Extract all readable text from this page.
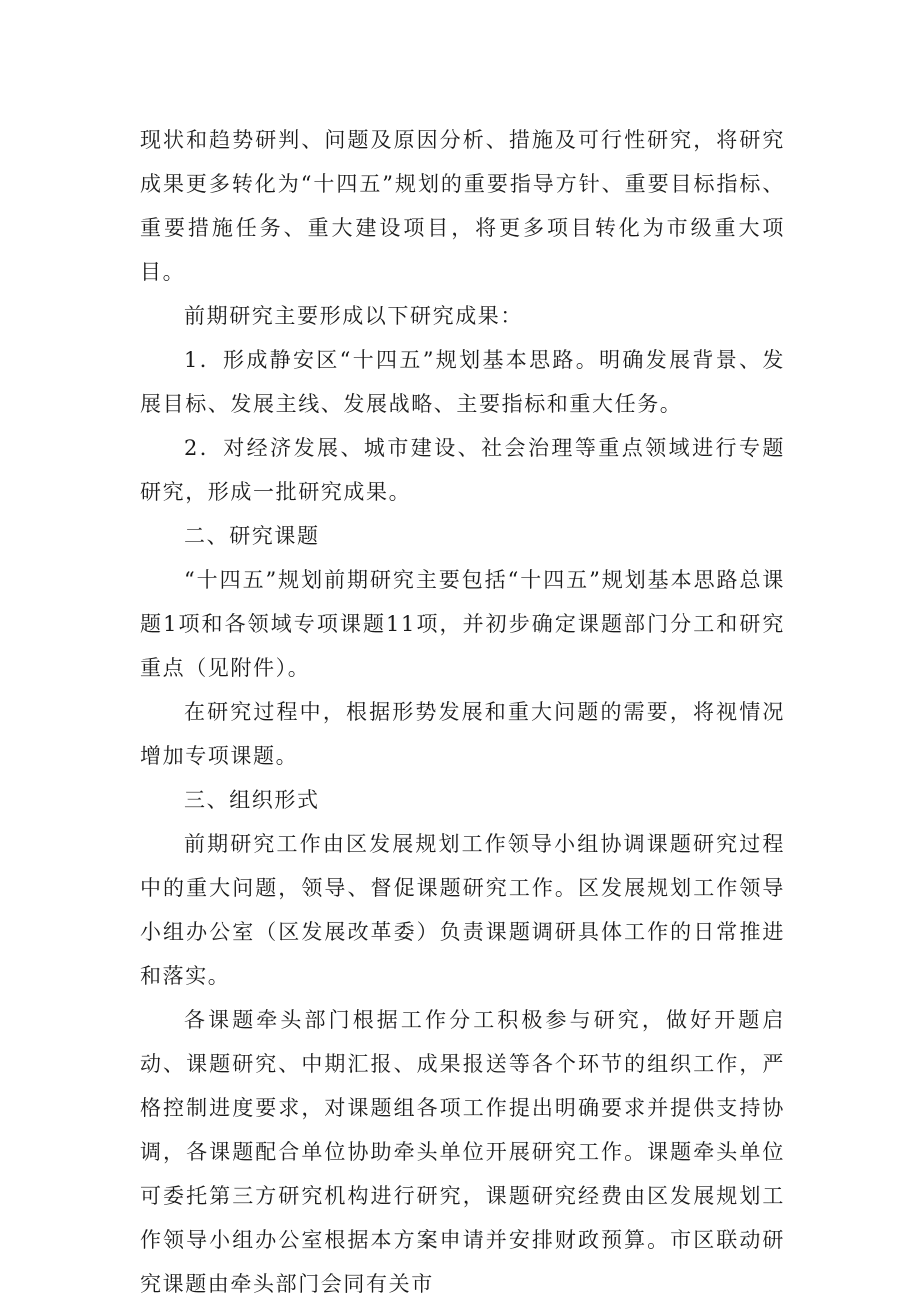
现状和趋势研判、问题及原因分析、措施及可行性研究，将研究成果更多转化为“十四五”规划的重要指导方针、重要目标指标、重要措施任务、重大建设项目，将更多项目转化为市级重大项目。

前期研究主要形成以下研究成果：

1．形成静安区“十四五”规划基本思路。明确发展背景、发展目标、发展主线、发展战略、主要指标和重大任务。

2．对经济发展、城市建设、社会治理等重点领域进行专题研究，形成一批研究成果。

二、研究课题

“十四五”规划前期研究主要包括“十四五”规划基本思路总课题1项和各领域专项课题11项，并初步确定课题部门分工和研究重点（见附件）。

在研究过程中，根据形势发展和重大问题的需要，将视情况增加专项课题。

三、组织形式

前期研究工作由区发展规划工作领导小组协调课题研究过程中的重大问题，领导、督促课题研究工作。区发展规划工作领导小组办公室（区发展改革委）负责课题调研具体工作的日常推进和落实。

各课题牵头部门根据工作分工积极参与研究，做好开题启动、课题研究、中期汇报、成果报送等各个环节的组织工作，严格控制进度要求，对课题组各项工作提出明确要求并提供支持协调，各课题配合单位协助牵头单位开展研究工作。课题牵头单位可委托第三方研究机构进行研究，课题研究经费由区发展规划工作领导小组办公室根据本方案申请并安排财政预算。市区联动研究课题由牵头部门会同有关市
